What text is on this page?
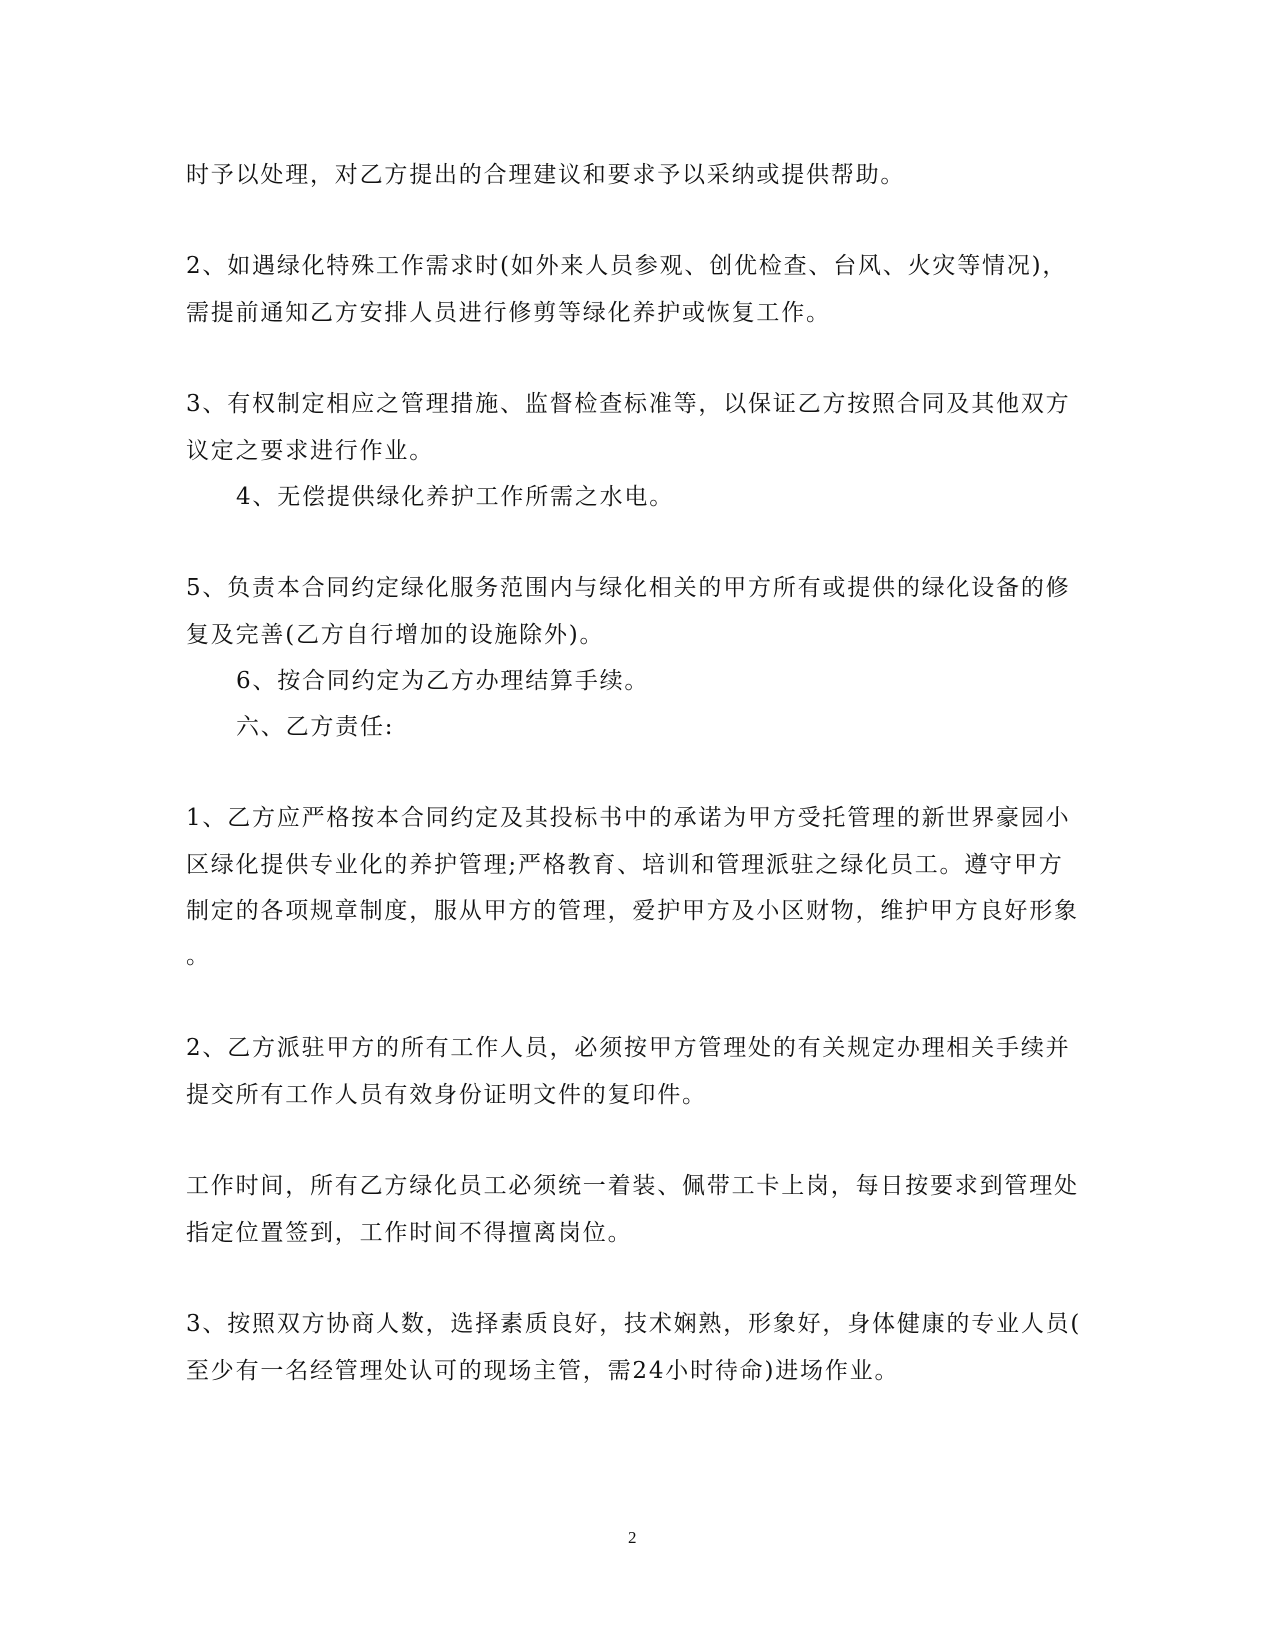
时予以处理，对乙方提出的合理建议和要求予以采纳或提供帮助。
2、如遇绿化特殊工作需求时(如外来人员参观、创优检查、台风、火灾等情况)，
需提前通知乙方安排人员进行修剪等绿化养护或恢复工作。
3、有权制定相应之管理措施、监督检查标准等，以保证乙方按照合同及其他双方
议定之要求进行作业。
4、无偿提供绿化养护工作所需之水电。
5、负责本合同约定绿化服务范围内与绿化相关的甲方所有或提供的绿化设备的修
复及完善(乙方自行增加的设施除外)。
6、按合同约定为乙方办理结算手续。
六、乙方责任:
1、乙方应严格按本合同约定及其投标书中的承诺为甲方受托管理的新世界豪园小
区绿化提供专业化的养护管理;严格教育、培训和管理派驻之绿化员工。遵守甲方
制定的各项规章制度，服从甲方的管理，爱护甲方及小区财物，维护甲方良好形象
。
2、乙方派驻甲方的所有工作人员，必须按甲方管理处的有关规定办理相关手续并
提交所有工作人员有效身份证明文件的复印件。
工作时间，所有乙方绿化员工必须统一着装、佩带工卡上岗，每日按要求到管理处
指定位置签到，工作时间不得擅离岗位。
3、按照双方协商人数，选择素质良好，技术娴熟，形象好，身体健康的专业人员(
至少有一名经管理处认可的现场主管，需24小时待命)进场作业。
2
